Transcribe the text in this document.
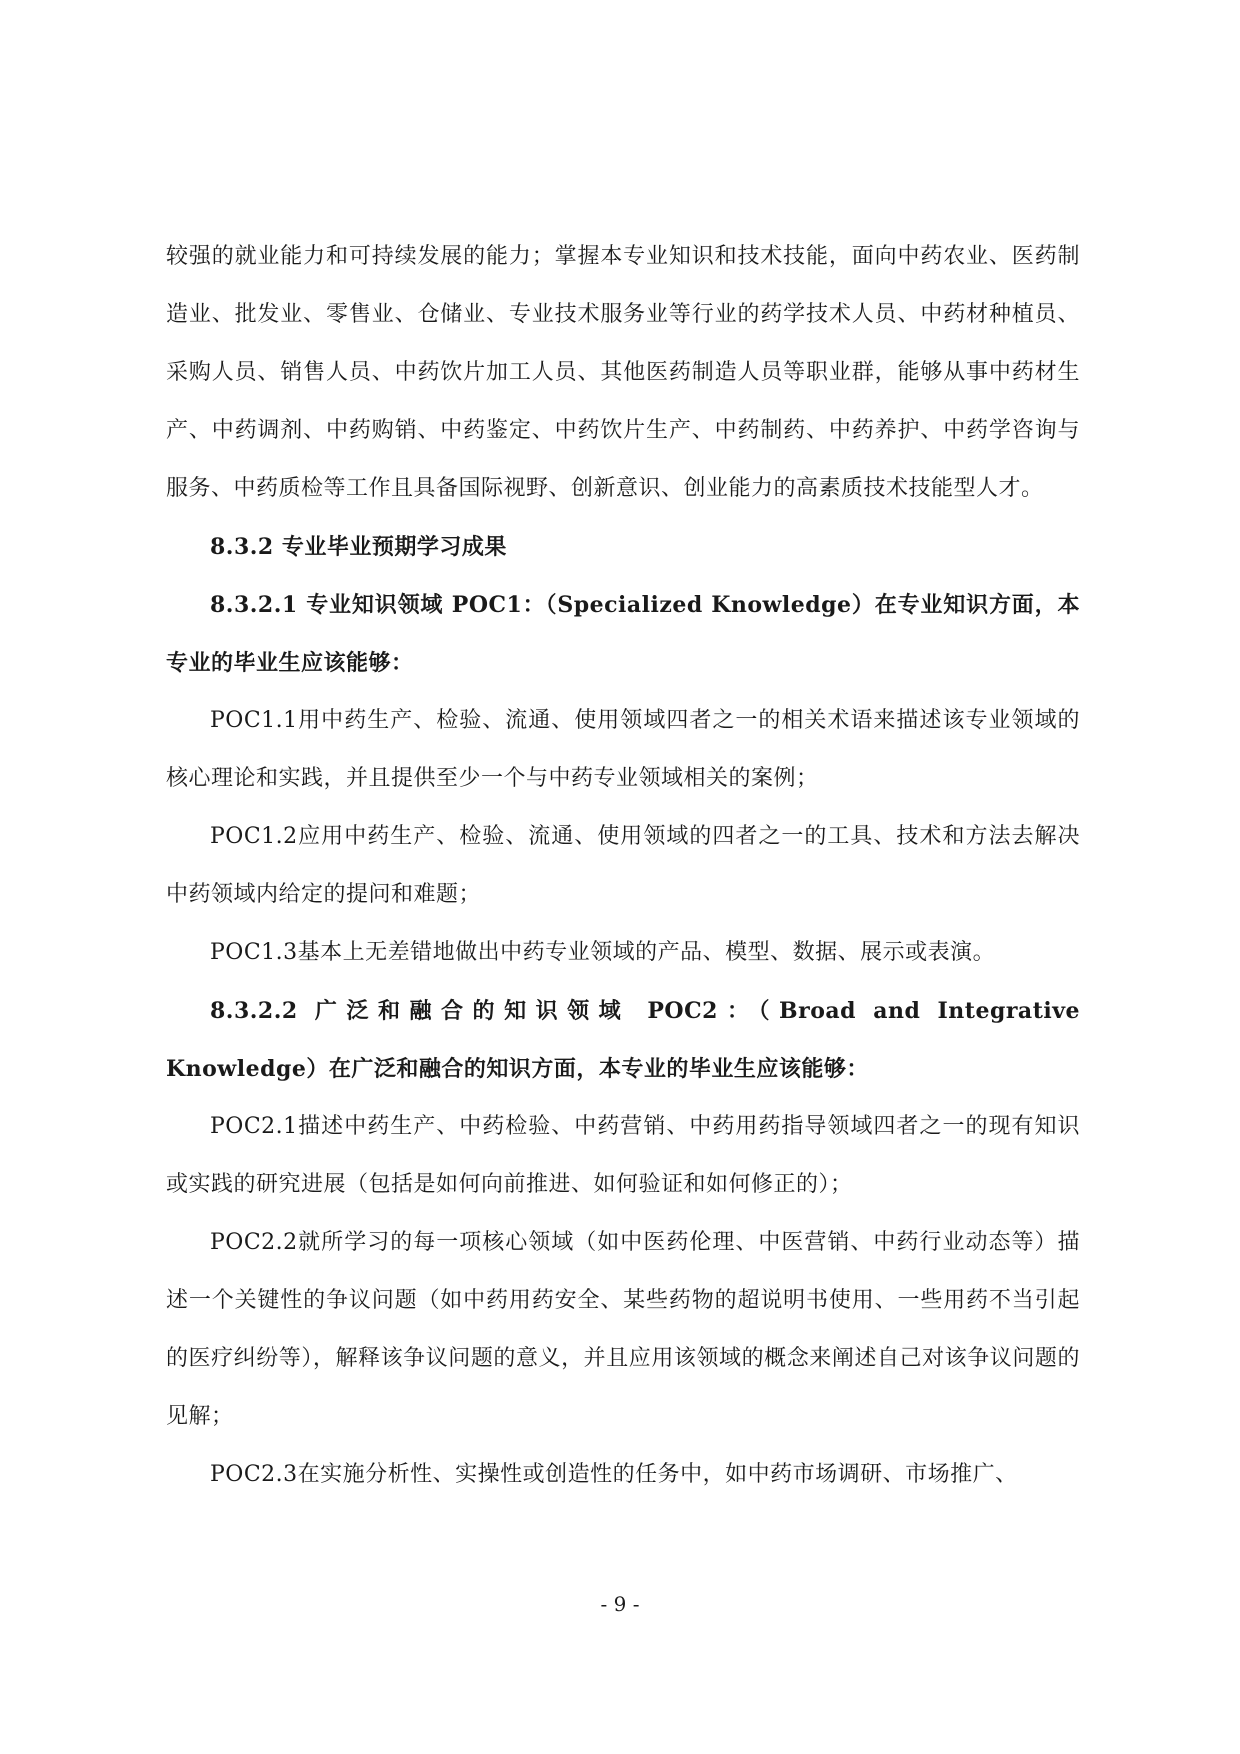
较强的就业能力和可持续发展的能力；掌握本专业知识和技术技能，面向中药农业、医药制造业、批发业、零售业、仓储业、专业技术服务业等行业的药学技术人员、中药材种植员、采购人员、销售人员、中药饮片加工人员、其他医药制造人员等职业群，能够从事中药材生产、中药调剂、中药购销、中药鉴定、中药饮片生产、中药制药、中药养护、中药学咨询与服务、中药质检等工作且具备国际视野、创新意识、创业能力的高素质技术技能型人才。

8.3.2 专业毕业预期学习成果

8.3.2.1 专业知识领域 POC1：（Specialized Knowledge）在专业知识方面，本专业的毕业生应该能够：

POC1.1用中药生产、检验、流通、使用领域四者之一的相关术语来描述该专业领域的核心理论和实践，并且提供至少一个与中药专业领域相关的案例；

POC1.2应用中药生产、检验、流通、使用领域的四者之一的工具、技术和方法去解决中药领域内给定的提问和难题；

POC1.3基本上无差错地做出中药专业领域的产品、模型、数据、展示或表演。

8.3.2.2 广泛和融合的知识领域 POC2：（Broad and Integrative Knowledge）在广泛和融合的知识方面，本专业的毕业生应该能够：

POC2.1描述中药生产、中药检验、中药营销、中药用药指导领域四者之一的现有知识或实践的研究进展（包括是如何向前推进、如何验证和如何修正的）；

POC2.2就所学习的每一项核心领域（如中医药伦理、中医营销、中药行业动态等）描述一个关键性的争议问题（如中药用药安全、某些药物的超说明书使用、一些用药不当引起的医疗纠纷等），解释该争议问题的意义，并且应用该领域的概念来阐述自己对该争议问题的见解；

POC2.3在实施分析性、实操性或创造性的任务中，如中药市场调研、市场推广、

- 9 -
